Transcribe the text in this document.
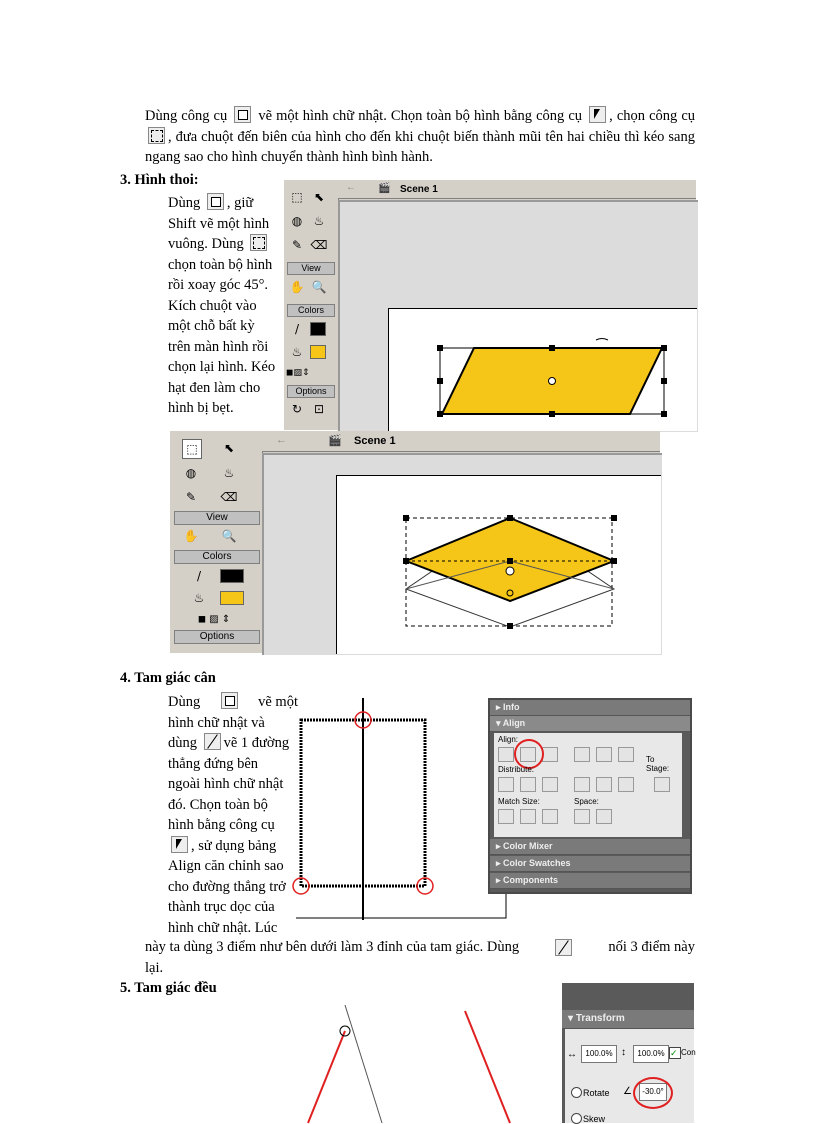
Dùng công cụ vẽ một hình chữ nhật. Chọn toàn bộ hình bằng công cụ , chọn công cụ, đưa chuột đến biên của hình cho đến khi chuột biến thành mũi tên hai chiều thì kéo sang ngang sao cho hình chuyển thành hình bình hành.
3. Hình thoi:
Dùng , giữ
Shift vẽ một hình
vuông. Dùng
chọn toàn bộ hình
rồi xoay góc 45°.
Kích chuột vào
một chỗ bất kỳ
trên màn hình rồi
chọn lại hình. Kéo
hạt đen làm cho
hình bị bẹt.
⬚ ⬉
◍ ♨
✎ ⌫
View
✋ 🔍
Colors
/
♨
◼▨⇕
Options
↻ ⊡
← 🎬 Scene 1
⬚	⬉
◍	♨
✎	⌫
View
✋ 🔍
Colors
/
♨
◼ ▨ ⇕
Options
←	🎬 Scene 1
4. Tam giác cân
Dùng	vẽ một
hình chữ nhật và
dùng vẽ 1 đường
thẳng đứng bên
ngoài hình chữ nhật
đó. Chọn toàn bộ
hình bằng công cụ
, sử dụng bảng
Align căn chỉnh sao
cho đường thẳng trở
thành trục dọc của
hình chữ nhật. Lúc
▸ Info
▾ Align
Align:
To Stage:
Distribute:
Match Size:	Space:
▸ Color Mixer
▸ Color Swatches
▸ Components
này ta dùng 3 điểm như bên dưới làm 3 đỉnh của tam giác. Dùng	nối 3 điểm này
lại.
5. Tam giác đều
▾ Transform
↔	100.0% ↕	100.0% ✓ Con
Rotate ∠	-30.0°
Skew
